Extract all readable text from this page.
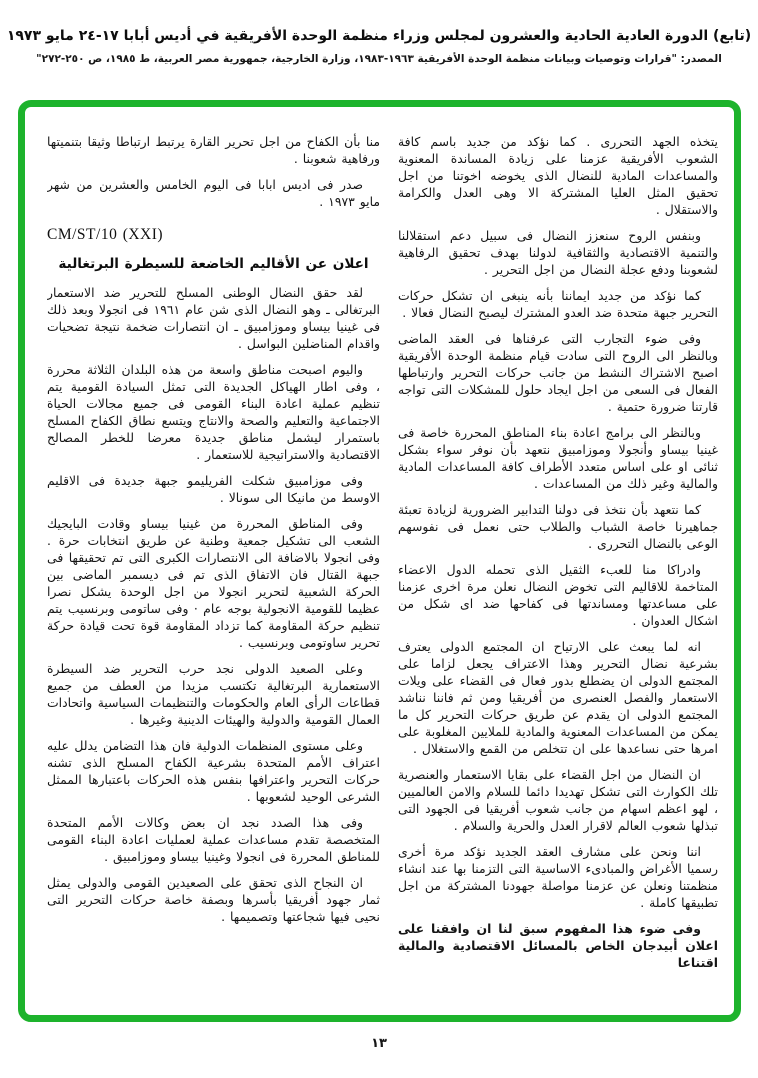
(تابع) الدورة العادية الحادية والعشرون لمجلس وزراء منظمة الوحدة الأفريقية في أديس أبابا ١٧-٢٤ مايو ١٩٧٣
المصدر: "قرارات وتوصيات وبيانات منظمة الوحدة الأفريقية ١٩٦٣-١٩٨٣، وزارة الخارجية، جمهورية مصر العربية، ط ١٩٨٥، ص ٢٥٠-٢٧٢"

يتخذه الجهد التحررى . كما نؤكد من جديد باسم كافة الشعوب الأفريقية عزمنا على زيادة المساندة المعنوية والمساعدات المادية للنضال الذى يخوضه اخوتنا من اجل تحقيق المثل العليا المشتركة الا وهى العدل والكرامة والاستقلال .

وبنفس الروح سنعزز النضال فى سبيل دعم استقلالنا والتنمية الاقتصادية والثقافية لدولنا بهدف تحقيق الرفاهية لشعوبنا ودفع عجلة النضال من اجل التحرير .

كما نؤكد من جديد ايماننا بأنه ينبغى ان تشكل حركات التحرير جبهة متحدة ضد العدو المشترك ليصبح النضال فعالا .

وفى ضوء التجارب التى عرفناها فى العقد الماضى وبالنظر الى الروح التى سادت قيام منظمة الوحدة الأفريقية اصبح الاشتراك النشط من جانب حركات التحرير وارتباطها الفعال فى السعى من اجل ايجاد حلول للمشكلات التى تواجه قارتنا ضرورة حتمية .

وبالنظر الى برامج اعادة بناء المناطق المحررة خاصة فى غينيا بيساو وأنجولا وموزامبيق نتعهد بأن نوفر سواء بشكل ثنائى او على اساس متعدد الأطراف كافة المساعدات المادية والمالية وغير ذلك من المساعدات .

كما نتعهد بأن نتخذ فى دولنا التدابير الضرورية لزيادة تعبئة جماهيرنا خاصة الشباب والطلاب حتى نعمل فى نفوسهم الوعى بالنضال التحررى .

وادراكا منا للعبء الثقيل الذى تحمله الدول الاعضاء المتاخمة للاقاليم التى تخوض النضال نعلن مرة اخرى عزمنا على مساعدتها ومساندتها فى كفاحها ضد اى شكل من اشكال العدوان .

انه لما يبعث على الارتياح ان المجتمع الدولى يعترف بشرعية نضال التحرير وهذا الاعتراف يجعل لزاما على المجتمع الدولى ان يضطلع بدور فعال فى القضاء على ويلات الاستعمار والفصل العنصرى من أفريقيا ومن ثم فاننا نناشد المجتمع الدولى ان يقدم عن طريق حركات التحرير كل ما يمكن من المساعدات المعنوية والمادية للملايين المغلوبة على امرها حتى نساعدها على ان تتخلص من القمع والاستغلال .

ان النضال من اجل القضاء على بقايا الاستعمار والعنصرية تلك الكوارث التى تشكل تهديدا دائما للسلام والامن العالميين ، لهو اعظم اسهام من جانب شعوب أفريقيا فى الجهود التى تبذلها شعوب العالم لاقرار العدل والحرية والسلام .

اننا ونحن على مشارف العقد الجديد نؤكد مرة أخرى رسميا الأغراض والمبادىء الاساسية التى التزمنا بها عند انشاء منظمتنا ونعلن عن عزمنا مواصلة جهودنا المشتركة من اجل تطبيقها كاملة .

وفى ضوء هذا المفهوم سبق لنا ان وافقنا على اعلان أبيدجان الخاص بالمسائل الاقتصادية والمالية اقتناعا

منا بأن الكفاح من اجل تحرير القارة يرتبط ارتباطا وثيقا بتنميتها ورفاهية شعوبنا .

صدر فى اديس ابابا فى اليوم الخامس والعشرين من شهر مايو ١٩٧٣ .

CM/ST/10 (XXI)

اعلان عن الأقاليم الخاضعة للسيطرة البرتغالية

لقد حقق النضال الوطنى المسلح للتحرير ضد الاستعمار البرتغالى ـ وهو النضال الذى شن عام ١٩٦١ فى انجولا وبعد ذلك فى غينيا بيساو وموزامبيق ـ ان انتصارات ضخمة نتيجة تضحيات واقدام المناضلين البواسل .

واليوم اصبحت مناطق واسعة من هذه البلدان الثلاثة محررة ، وفى اطار الهياكل الجديدة التى تمثل السيادة القومية يتم تنظيم عملية اعادة البناء القومى فى جميع مجالات الحياة الاجتماعية والتعليم والصحة والانتاج ويتسع نطاق الكفاح المسلح باستمرار ليشمل مناطق جديدة معرضا للخطر المصالح الاقتصادية والاستراتيجية للاستعمار .

وفى موزامبيق شكلت الفريليمو جبهة جديدة فى الاقليم الاوسط من مانيكا الى سونالا .

وفى المناطق المحررة من غينيا بيساو وقادت البايجيك الشعب الى تشكيل جمعية وطنية عن طريق انتخابات حرة . وفى انجولا بالاضافة الى الانتصارات الكبرى التى تم تحقيقها فى جبهة القتال فان الاتفاق الذى تم فى ديسمبر الماضى بين الحركة الشعبية لتحرير انجولا من اجل الوحدة يشكل نصرا عظيما للقومية الانجولية بوجه عام · وفى ساتومى وبرنسيب يتم تنظيم حركة المقاومة كما تزداد المقاومة قوة تحت قيادة حركة تحرير ساوتومى وبرنسيب .

وعلى الصعيد الدولى نجد حرب التحرير ضد السيطرة الاستعمارية البرتغالية تكتسب مزيدا من العطف من جميع قطاعات الرأى العام والحكومات والتنظيمات السياسية واتحادات العمال القومية والدولية والهيئات الدينية وغيرها .

وعلى مستوى المنظمات الدولية فان هذا التضامن يدلل عليه اعتراف الأمم المتحدة بشرعية الكفاح المسلح الذى تشنه حركات التحرير واعترافها بنفس هذه الحركات باعتبارها الممثل الشرعى الوحيد لشعوبها .

وفى هذا الصدد نجد ان بعض وكالات الأمم المتحدة المتخصصة تقدم مساعدات عملية لعمليات اعادة البناء القومى للمناطق المحررة فى انجولا وغينيا بيساو وموزامبيق .

ان النجاح الذى تحقق على الصعيدين القومى والدولى يمثل ثمار جهود أفريقيا بأسرها وبصفة خاصة حركات التحرير التى نحيى فيها شجاعتها وتصميمها .

١٣
